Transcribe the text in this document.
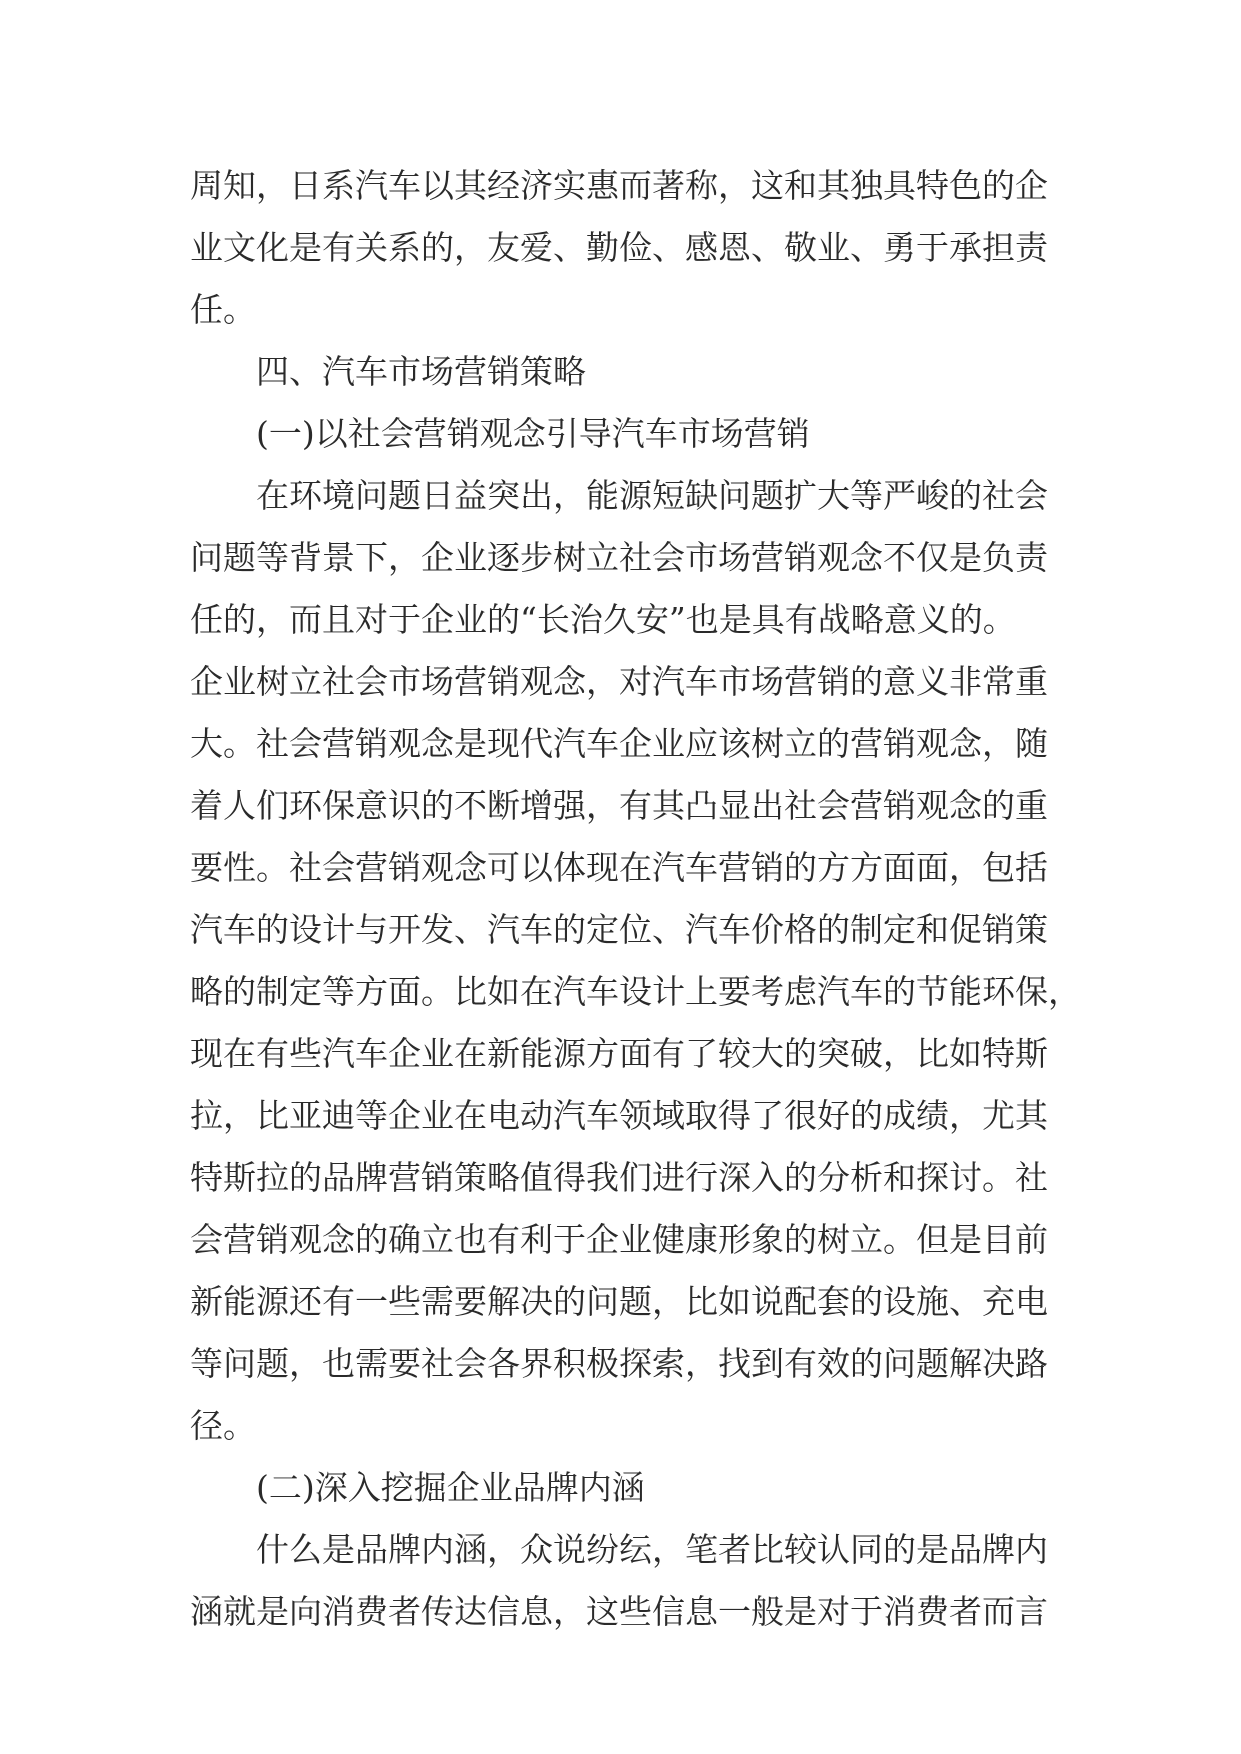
周知，日系汽车以其经济实惠而著称，这和其独具特色的企

业文化是有关系的，友爱、勤俭、感恩、敬业、勇于承担责

任。

四、汽车市场营销策略

(一)以社会营销观念引导汽车市场营销

在环境问题日益突出，能源短缺问题扩大等严峻的社会

问题等背景下，企业逐步树立社会市场营销观念不仅是负责

任的，而且对于企业的“长治久安”也是具有战略意义的。

企业树立社会市场营销观念，对汽车市场营销的意义非常重

大。社会营销观念是现代汽车企业应该树立的营销观念，随

着人们环保意识的不断增强，有其凸显出社会营销观念的重

要性。社会营销观念可以体现在汽车营销的方方面面，包括

汽车的设计与开发、汽车的定位、汽车价格的制定和促销策

略的制定等方面。比如在汽车设计上要考虑汽车的节能环保，

现在有些汽车企业在新能源方面有了较大的突破，比如特斯

拉，比亚迪等企业在电动汽车领域取得了很好的成绩，尤其

特斯拉的品牌营销策略值得我们进行深入的分析和探讨。社

会营销观念的确立也有利于企业健康形象的树立。但是目前

新能源还有一些需要解决的问题，比如说配套的设施、充电

等问题，也需要社会各界积极探索，找到有效的问题解决路

径。

(二)深入挖掘企业品牌内涵

什么是品牌内涵，众说纷纭，笔者比较认同的是品牌内

涵就是向消费者传达信息，这些信息一般是对于消费者而言
